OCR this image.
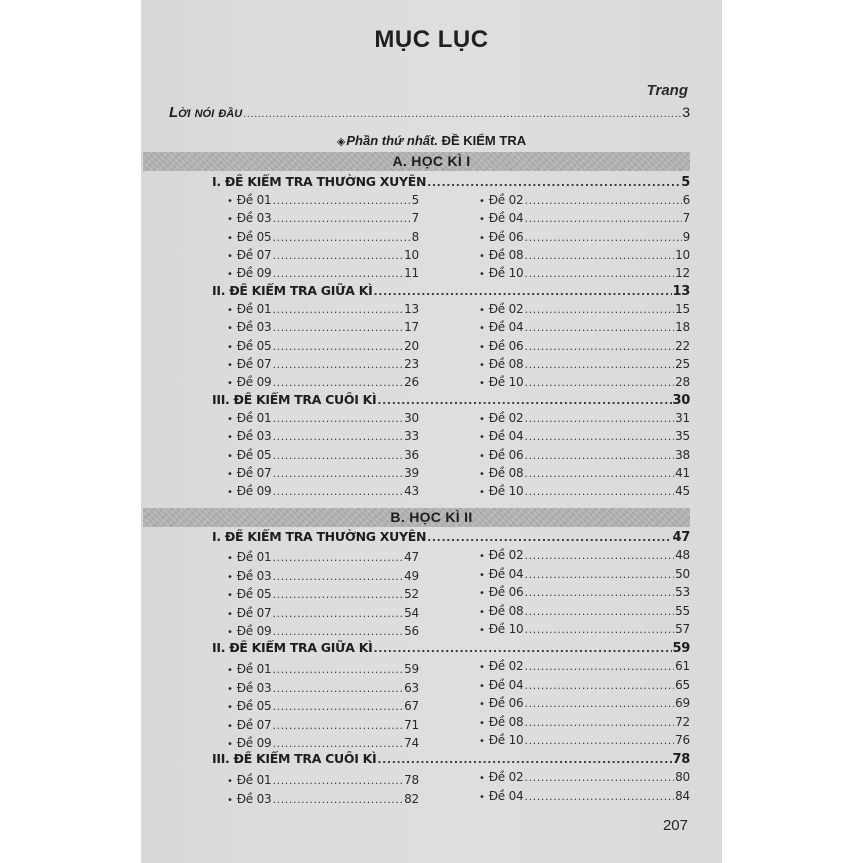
MỤC LỤC
Trang
Lời nói đầu .....	3
◈Phần thứ nhất. ĐỀ KIỂM TRA
A. HỌC KÌ I
I. ĐỀ KIỂM TRA THƯỜNG XUYÊN .....	5
• Đề 01 .....	5	• Đề 02 .....	6
• Đề 03 .....	7	• Đề 04 .....	7
• Đề 05 .....	8	• Đề 06 .....	9
• Đề 07 .....	10	• Đề 08 .....	10
• Đề 09 .....	11	• Đề 10 .....	12
II. ĐỀ KIỂM TRA GIỮA KÌ .....	13
• Đề 01 .....	13	• Đề 02 .....	15
• Đề 03 .....	17	• Đề 04 .....	18
• Đề 05 .....	20	• Đề 06 .....	22
• Đề 07 .....	23	• Đề 08 .....	25
• Đề 09 .....	26	• Đề 10 .....	28
III. ĐỀ KIỂM TRA CUỐI KÌ .....	30
• Đề 01 .....	30	• Đề 02 .....	31
• Đề 03 .....	33	• Đề 04 .....	35
• Đề 05 .....	36	• Đề 06 .....	38
• Đề 07 .....	39	• Đề 08 .....	41
• Đề 09 .....	43	• Đề 10 .....	45
B. HỌC KÌ II
I. ĐỀ KIỂM TRA THƯỜNG XUYÊN .....	47
• Đề 01 .....	47	• Đề 02 .....	48
• Đề 03 .....	49	• Đề 04 .....	50
• Đề 05 .....	52	• Đề 06 .....	53
• Đề 07 .....	54	• Đề 08 .....	55
• Đề 09 .....	56	• Đề 10 .....	57
II. ĐỀ KIỂM TRA GIỮA KÌ .....	59
• Đề 01 .....	59	• Đề 02 .....	61
• Đề 03 .....	63	• Đề 04 .....	65
• Đề 05 .....	67	• Đề 06 .....	69
• Đề 07 .....	71	• Đề 08 .....	72
• Đề 09 .....	74	• Đề 10 .....	76
III. ĐỀ KIỂM TRA CUỐI KÌ .....	78
• Đề 01 .....	78	• Đề 02 .....	80
• Đề 03 .....	82	• Đề 04 .....	84
207
